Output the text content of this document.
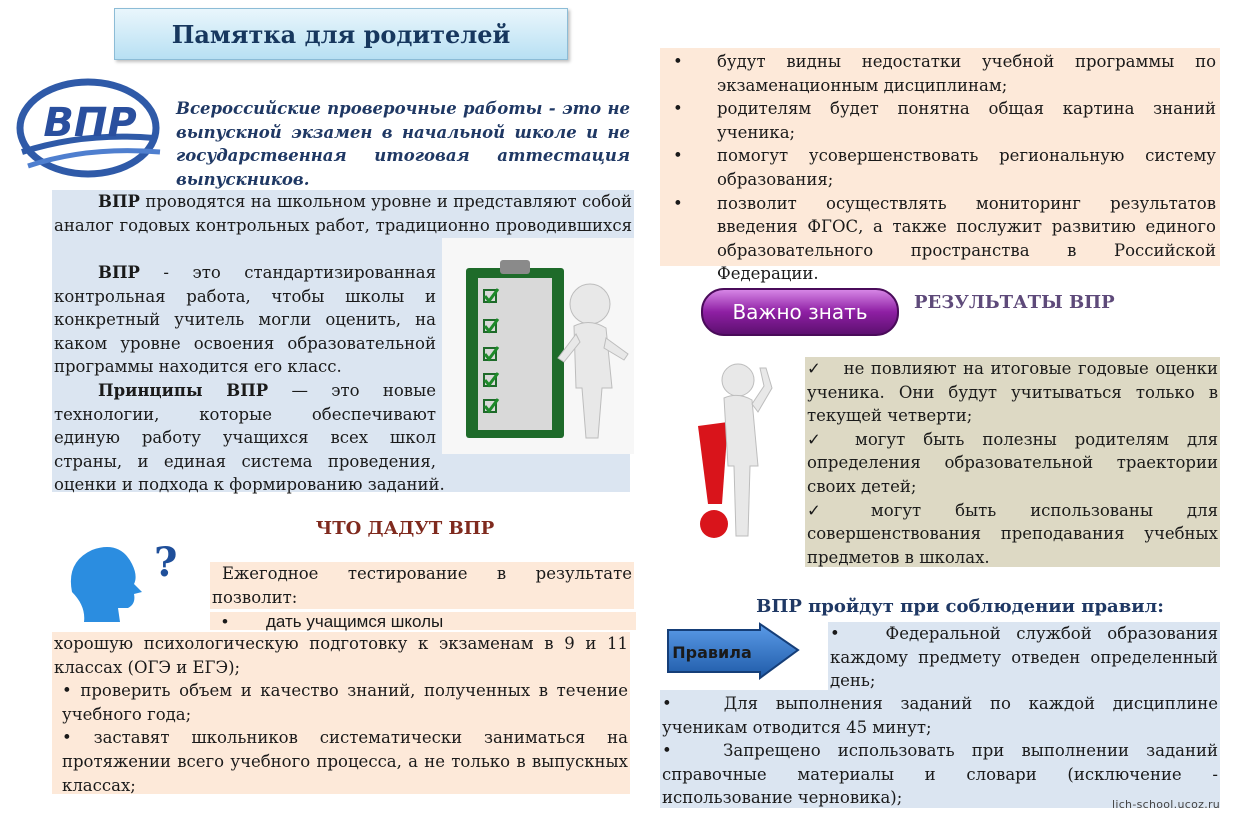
Памятка для родителей
ВПР Всероссийские проверочные работы - это не выпускной экзамен в начальной школе и не государственная итоговая аттестация выпускников.
ВПР проводятся на школьном уровне и представляют собой аналог годовых контрольных работ, традиционно проводившихся
ВПР - это стандартизированная контрольная работа, чтобы школы и конкретный учитель могли оценить, на каком уровне освоения образовательной программы находится его класс.
Принципы ВПР — это новые технологии, которые обеспечивают единую работу учащихся всех школ страны, и единая система проведения, оценки и подхода к формированию заданий.
ЧТО ДАДУТ ВПР
?	Ежегодное тестирование в результате позволит:
• дать учащимся школы
хорошую психологическую подготовку к экзаменам в 9 и 11 классах (ОГЭ и ЕГЭ);
• проверить объем и качество знаний, полученных в течение учебного года;
• заставят школьников систематически заниматься на протяжении всего учебного процесса, а не только в выпускных классах;
•	будут видны недостатки учебной программы по экзаменационным дисциплинам;
•	родителям будет понятна общая картина знаний ученика;
•	помогут усовершенствовать региональную систему образования;
•	позволит осуществлять мониторинг результатов введения ФГОС, а также послужит развитию единого образовательного пространства в Российской Федерации.
Важно знать	РЕЗУЛЬТАТЫ ВПР
✓ не повлияют на итоговые годовые оценки ученика. Они будут учитываться только в текущей четверти;
✓ могут быть полезны родителям для определения образовательной траектории своих детей;
✓	могут быть использованы для совершенствования преподавания учебных предметов в школах.
ВПР пройдут при соблюдении правил:
Правила
•	Федеральной службой образования каждому предмету отведен определенный день;
•	Для выполнения заданий по каждой дисциплине ученикам отводится 45 минут;
•	Запрещено использовать при выполнении заданий справочные материалы и словари (исключение - использование черновика);	lich-school.ucoz.ru
